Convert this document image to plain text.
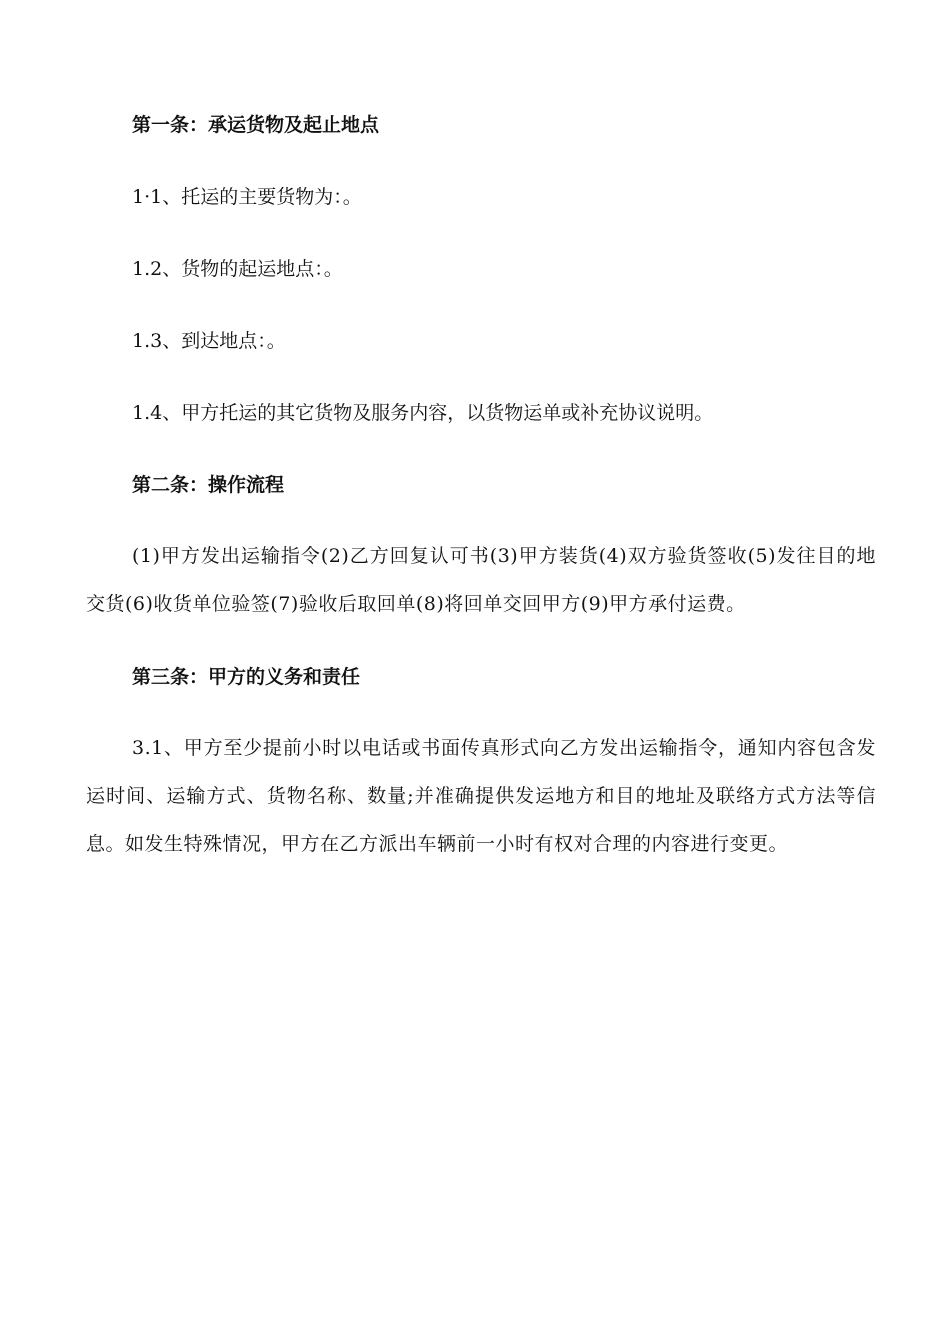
第一条：承运货物及起止地点
1·1、托运的主要货物为：。
1.2、货物的起运地点：。
1.3、到达地点：。
1.4、甲方托运的其它货物及服务内容，以货物运单或补充协议说明。
第二条：操作流程

(1)甲方发出运输指令(2)乙方回复认可书(3)甲方装货(4)双方验货签收(5)发往目的地交货(6)收货单位验签(7)验收后取回单(8)将回单交回甲方(9)甲方承付运费。

第三条：甲方的义务和责任

3.1、甲方至少提前小时以电话或书面传真形式向乙方发出运输指令，通知内容包含发运时间、运输方式、货物名称、数量;并准确提供发运地方和目的地址及联络方式方法等信息。如发生特殊情况，甲方在乙方派出车辆前一小时有权对合理的内容进行变更。
